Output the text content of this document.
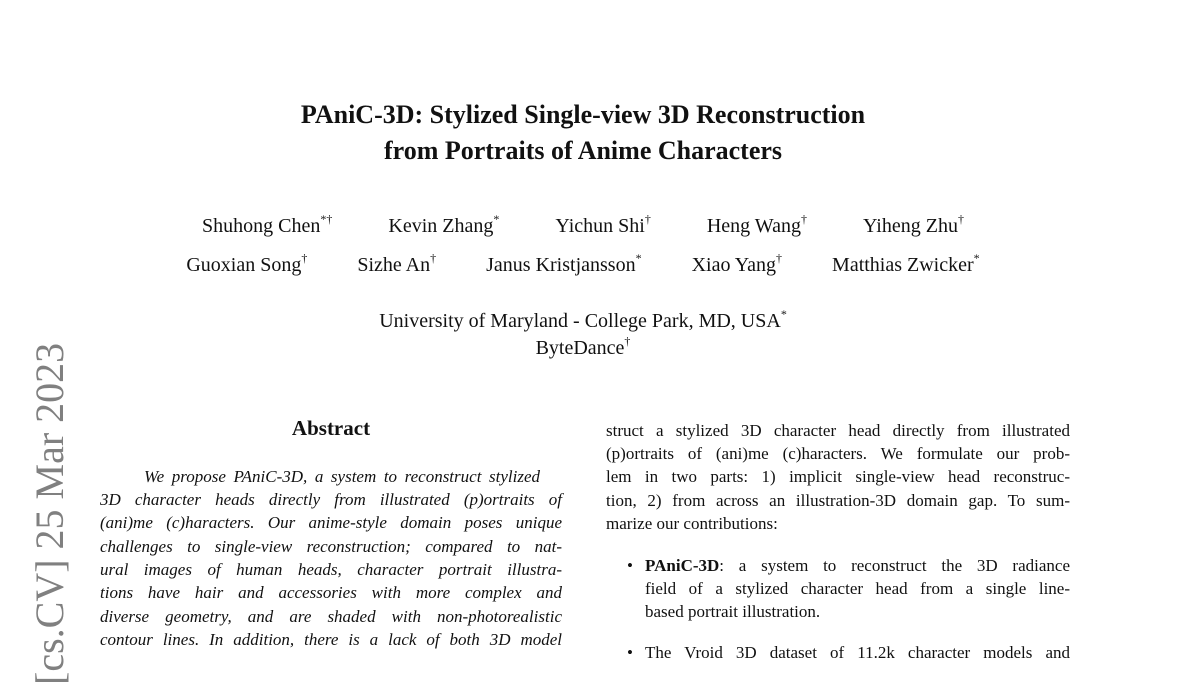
PAniC-3D: Stylized Single-view 3D Reconstruction
from Portraits of Anime Characters
Shuhong Chen*†	Kevin Zhang*	Yichun Shi†	Heng Wang†	Yiheng Zhu†
Guoxian Song†	Sizhe An†	Janus Kristjansson*	Xiao Yang†	Matthias Zwicker*
University of Maryland - College Park, MD, USA*
ByteDance†
[cs.CV] 25 Mar 2023	Abstract
We propose PAniC-3D, a system to reconstruct stylized
3D character heads directly from illustrated (p)ortraits of
(ani)me (c)haracters. Our anime-style domain poses unique
challenges to single-view reconstruction; compared to nat-
ural images of human heads, character portrait illustra-
tions have hair and accessories with more complex and
diverse geometry, and are shaded with non-photorealistic
contour lines. In addition, there is a lack of both 3D model
struct a stylized 3D character head directly from illustrated
(p)ortraits of (ani)me (c)haracters. We formulate our prob-
lem in two parts: 1) implicit single-view head reconstruc-
tion, 2) from across an illustration-3D domain gap. To sum-
marize our contributions:
• PAniC-3D: a system to reconstruct the 3D radiance
field of a stylized character head from a single line-
based portrait illustration.
• The Vroid 3D dataset of 11.2k character models and
